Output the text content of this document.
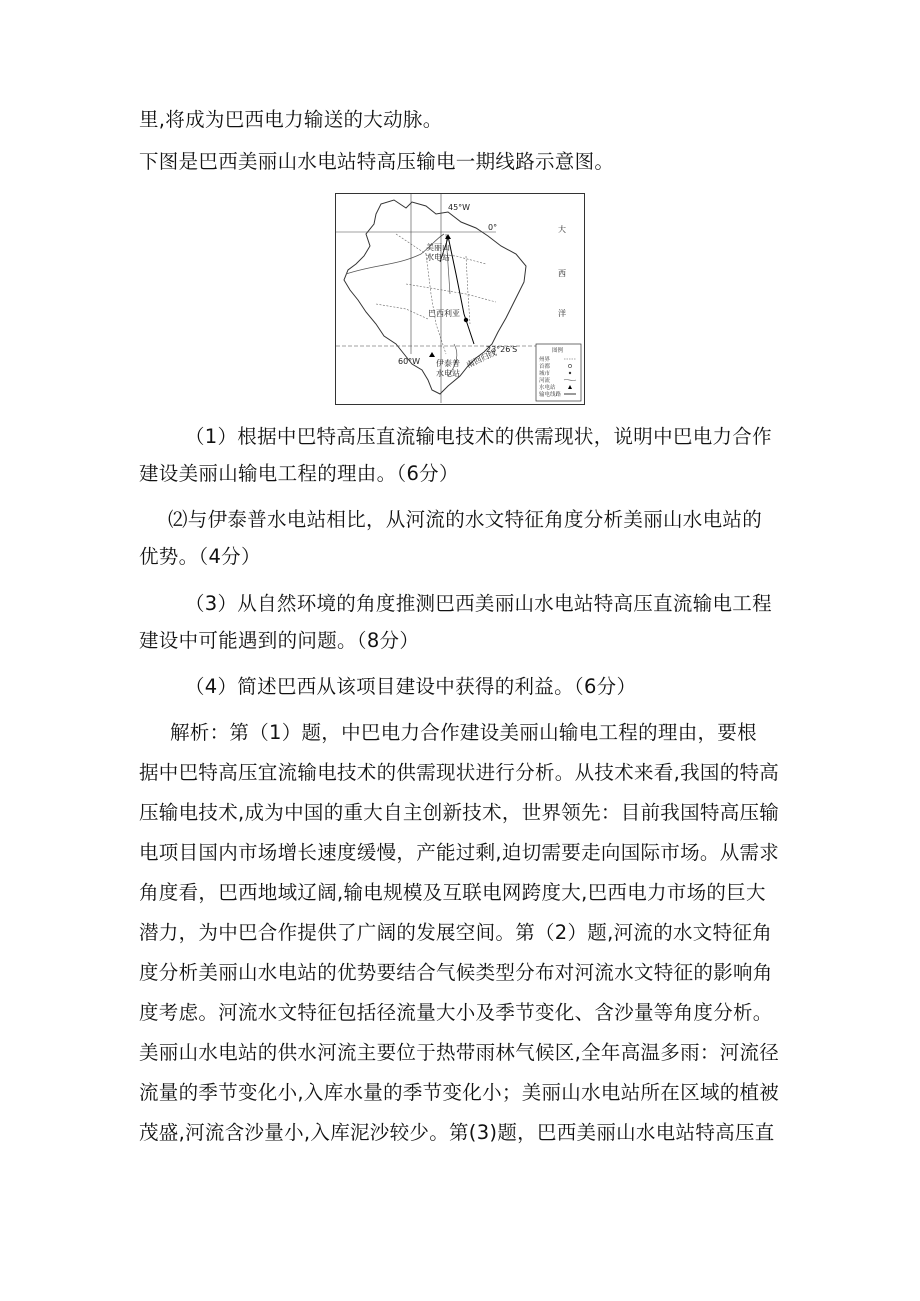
里,将成为巴西电力输送的大动脉。
下图是巴西美丽山水电站特高压输电一期线路示意图。
45°W
0°	大
西
洋
美丽山
水电站
巴西利亚
60°W
23°26′S
伊泰普
水电站
南回归线	图例
州界
首都
城市
河流
水电站
输电线路
（1）根据中巴特高压直流输电技术的供需现状，说明中巴电力合作
建设美丽山输电工程的理由。（6分）
⑵与伊泰普水电站相比，从河流的水文特征角度分析美丽山水电站的
优势。（4分）
（3）从自然环境的角度推测巴西美丽山水电站特高压直流输电工程
建设中可能遇到的问题。（8分）
（4）简述巴西从该项目建设中获得的利益。（6分）
解析：第（1）题，中巴电力合作建设美丽山输电工程的理由，要根
据中巴特高压宜流输电技术的供需现状进行分析。从技术来看,我国的特高
压输电技术,成为中国的重大自主创新技术，世界领先：目前我国特高压输
电项目国内市场增长速度缓慢，产能过剩,迫切需要走向国际市场。从需求
角度看，巴西地域辽阔,输电规模及互联电网跨度大,巴西电力市场的巨大
潜力，为中巴合作提供了广阔的发展空间。第（2）题,河流的水文特征角
度分析美丽山水电站的优势要结合气候类型分布对河流水文特征的影响角
度考虑。河流水文特征包括径流量大小及季节变化、含沙量等角度分析。
美丽山水电站的供水河流主要位于热带雨林气候区,全年高温多雨：河流径
流量的季节变化小,入库水量的季节变化小；美丽山水电站所在区域的植被
茂盛,河流含沙量小,入库泥沙较少。第(3)题，巴西美丽山水电站特高压直
